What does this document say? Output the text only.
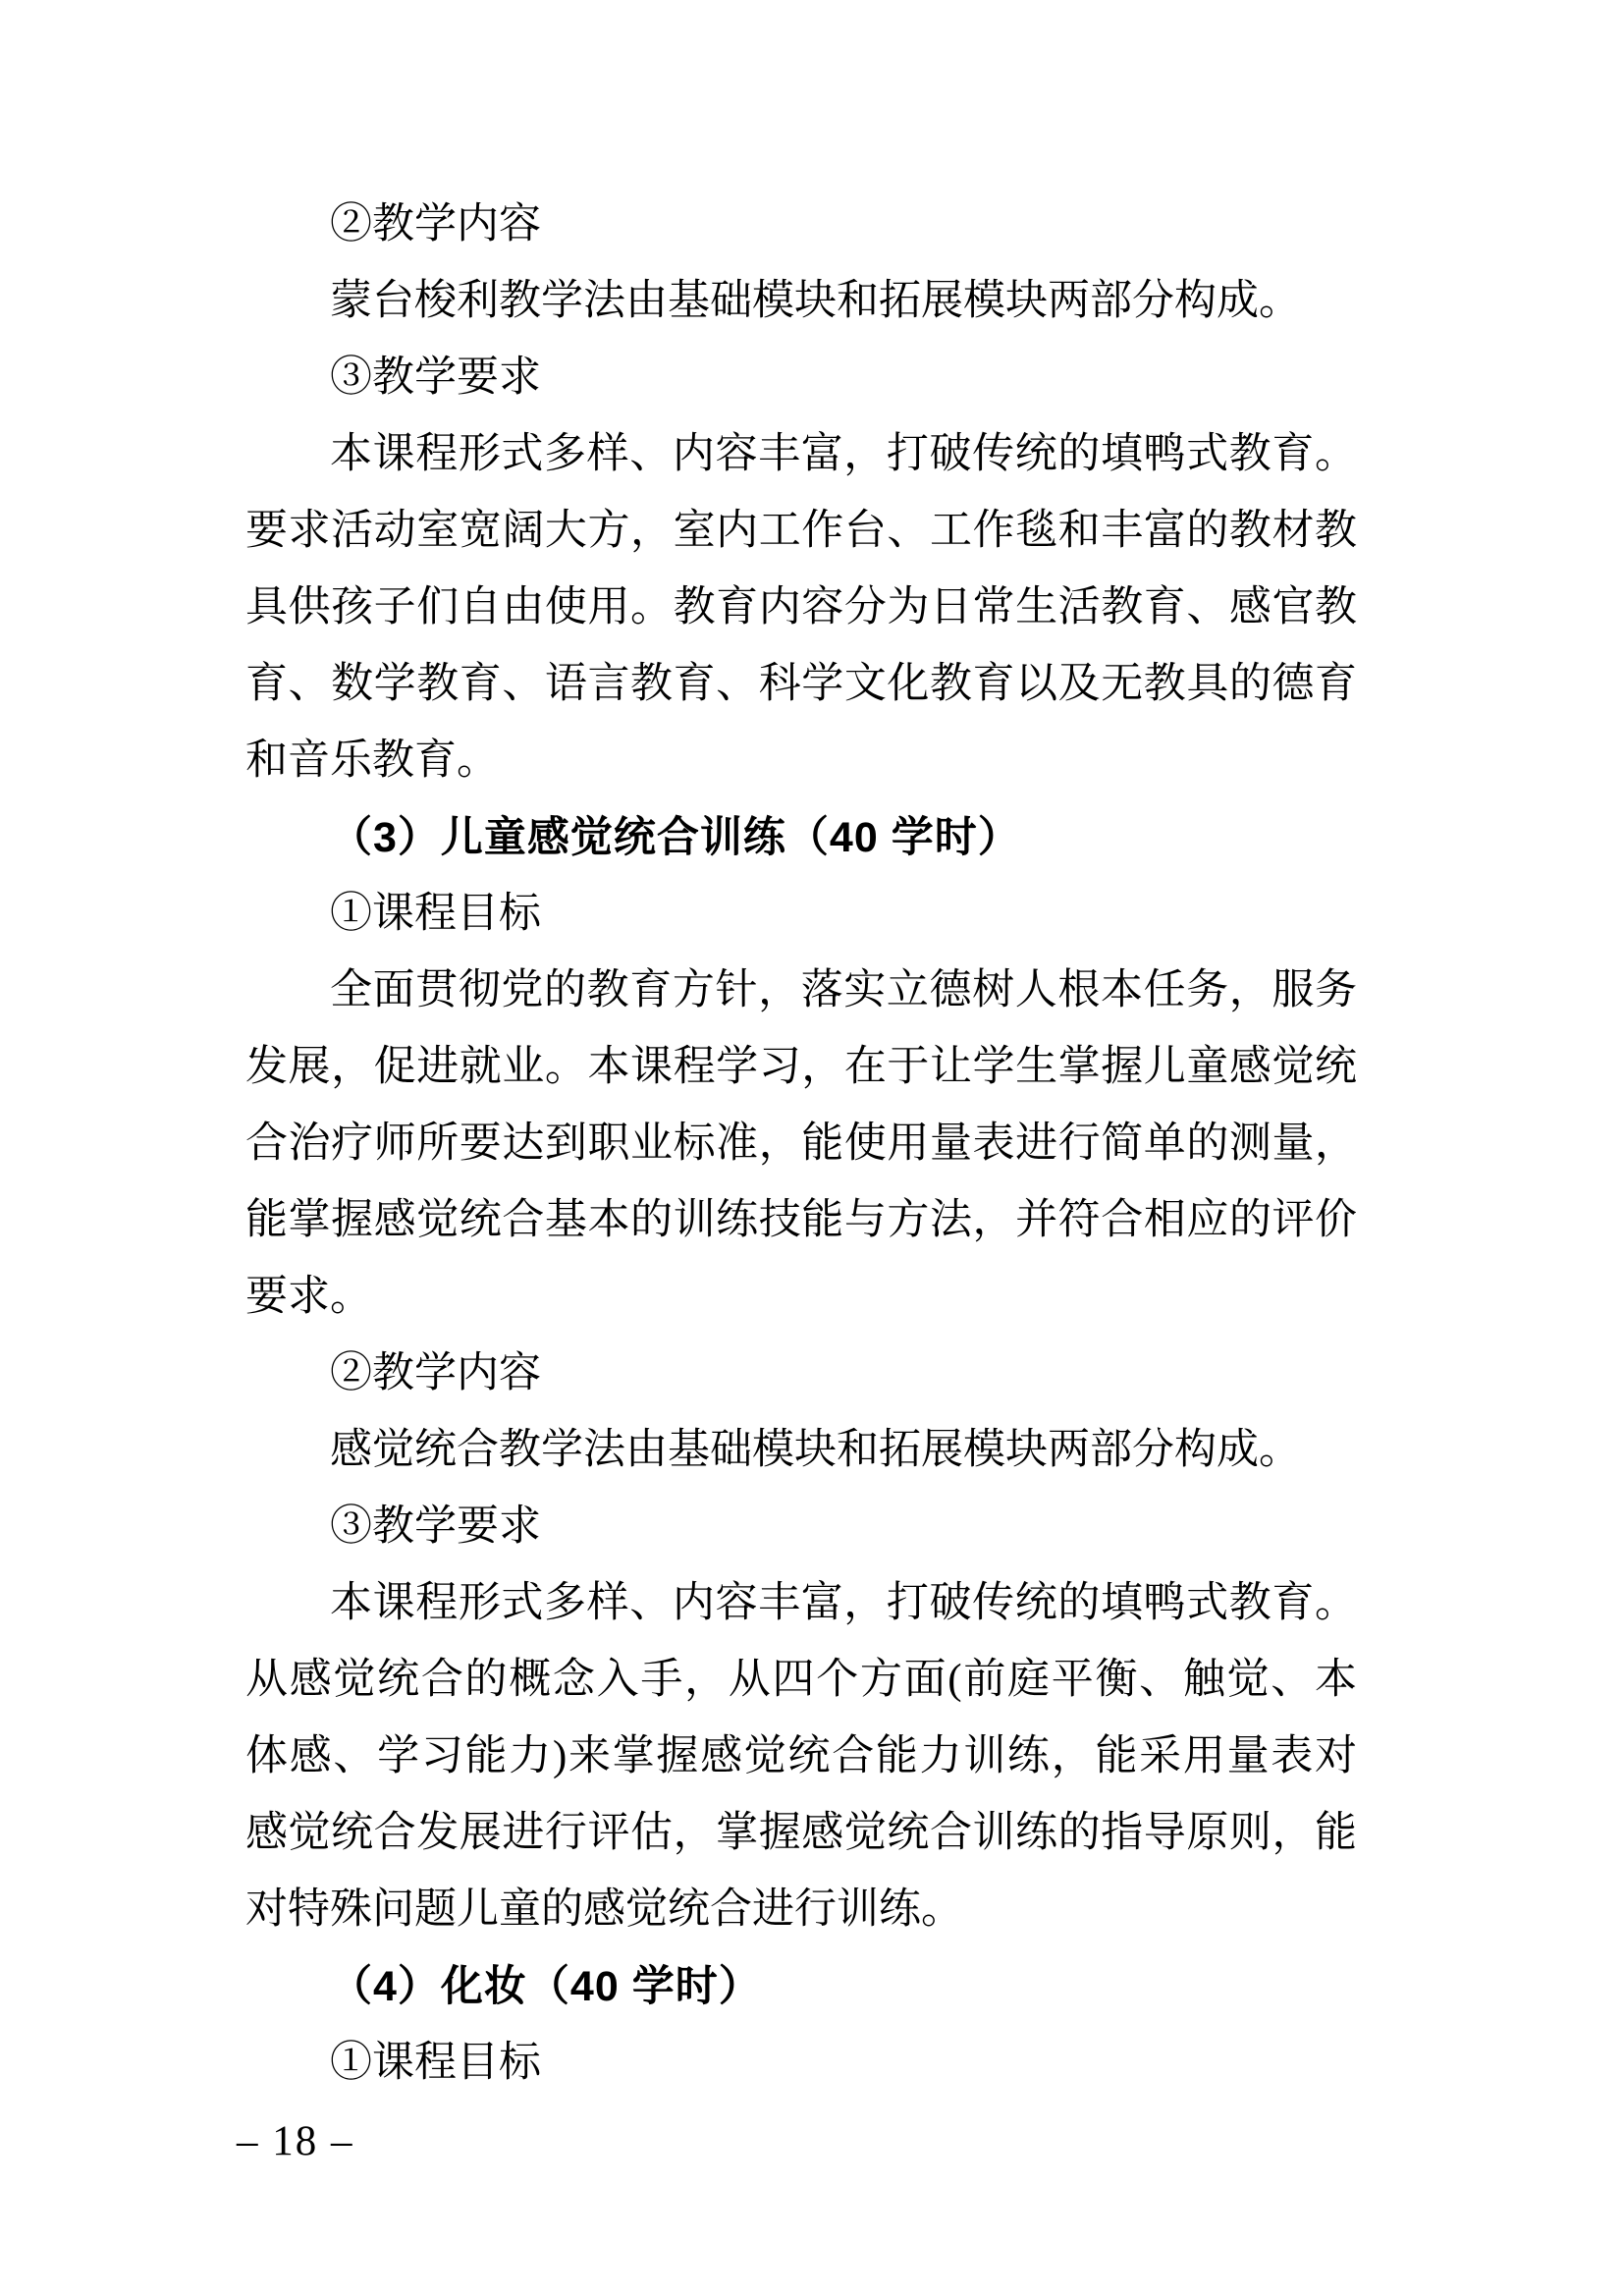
②教学内容

蒙台梭利教学法由基础模块和拓展模块两部分构成。

③教学要求

本课程形式多样、内容丰富，打破传统的填鸭式教育。

要求活动室宽阔大方，室内工作台、工作毯和丰富的教材教

具供孩子们自由使用。教育内容分为日常生活教育、感官教

育、数学教育、语言教育、科学文化教育以及无教具的德育

和音乐教育。

（3）儿童感觉统合训练（40 学时）

①课程目标

全面贯彻党的教育方针，落实立德树人根本任务，服务

发展，促进就业。本课程学习，在于让学生掌握儿童感觉统

合治疗师所要达到职业标准，能使用量表进行简单的测量，

能掌握感觉统合基本的训练技能与方法，并符合相应的评价

要求。

②教学内容

感觉统合教学法由基础模块和拓展模块两部分构成。

③教学要求

本课程形式多样、内容丰富，打破传统的填鸭式教育。

从感觉统合的概念入手，从四个方面(前庭平衡、触觉、本

体感、学习能力)来掌握感觉统合能力训练，能采用量表对

感觉统合发展进行评估，掌握感觉统合训练的指导原则，能

对特殊问题儿童的感觉统合进行训练。

（4）化妆（40 学时）

①课程目标

– 18 –
